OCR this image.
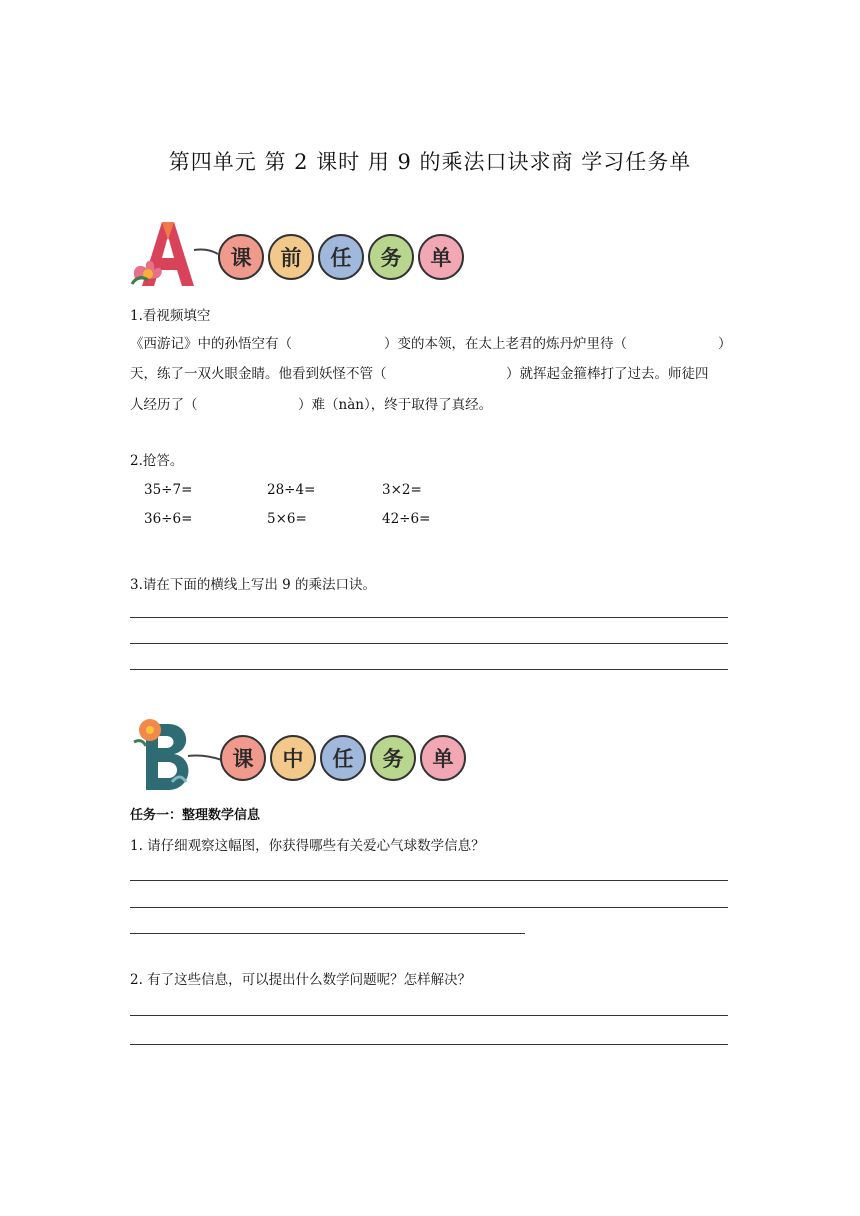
第四单元 第 2 课时 用 9 的乘法口诀求商 学习任务单
课	前	任	务	单
1.看视频填空
《西游记》中的孙悟空有（	）变的本领，在太上老君的炼丹炉里待（	）
天，练了一双火眼金睛。他看到妖怪不管（	）就挥起金箍棒打了过去。师徒四
人经历了（	）难（nàn），终于取得了真经。
2.抢答。
35÷7=	28÷4=	3×2=
36÷6=	5×6=	42÷6=
3.请在下面的横线上写出 9 的乘法口诀。
课	中	任	务	单
任务一：整理数学信息
1. 请仔细观察这幅图，你获得哪些有关爱心气球数学信息？
2. 有了这些信息，可以提出什么数学问题呢？怎样解决？
